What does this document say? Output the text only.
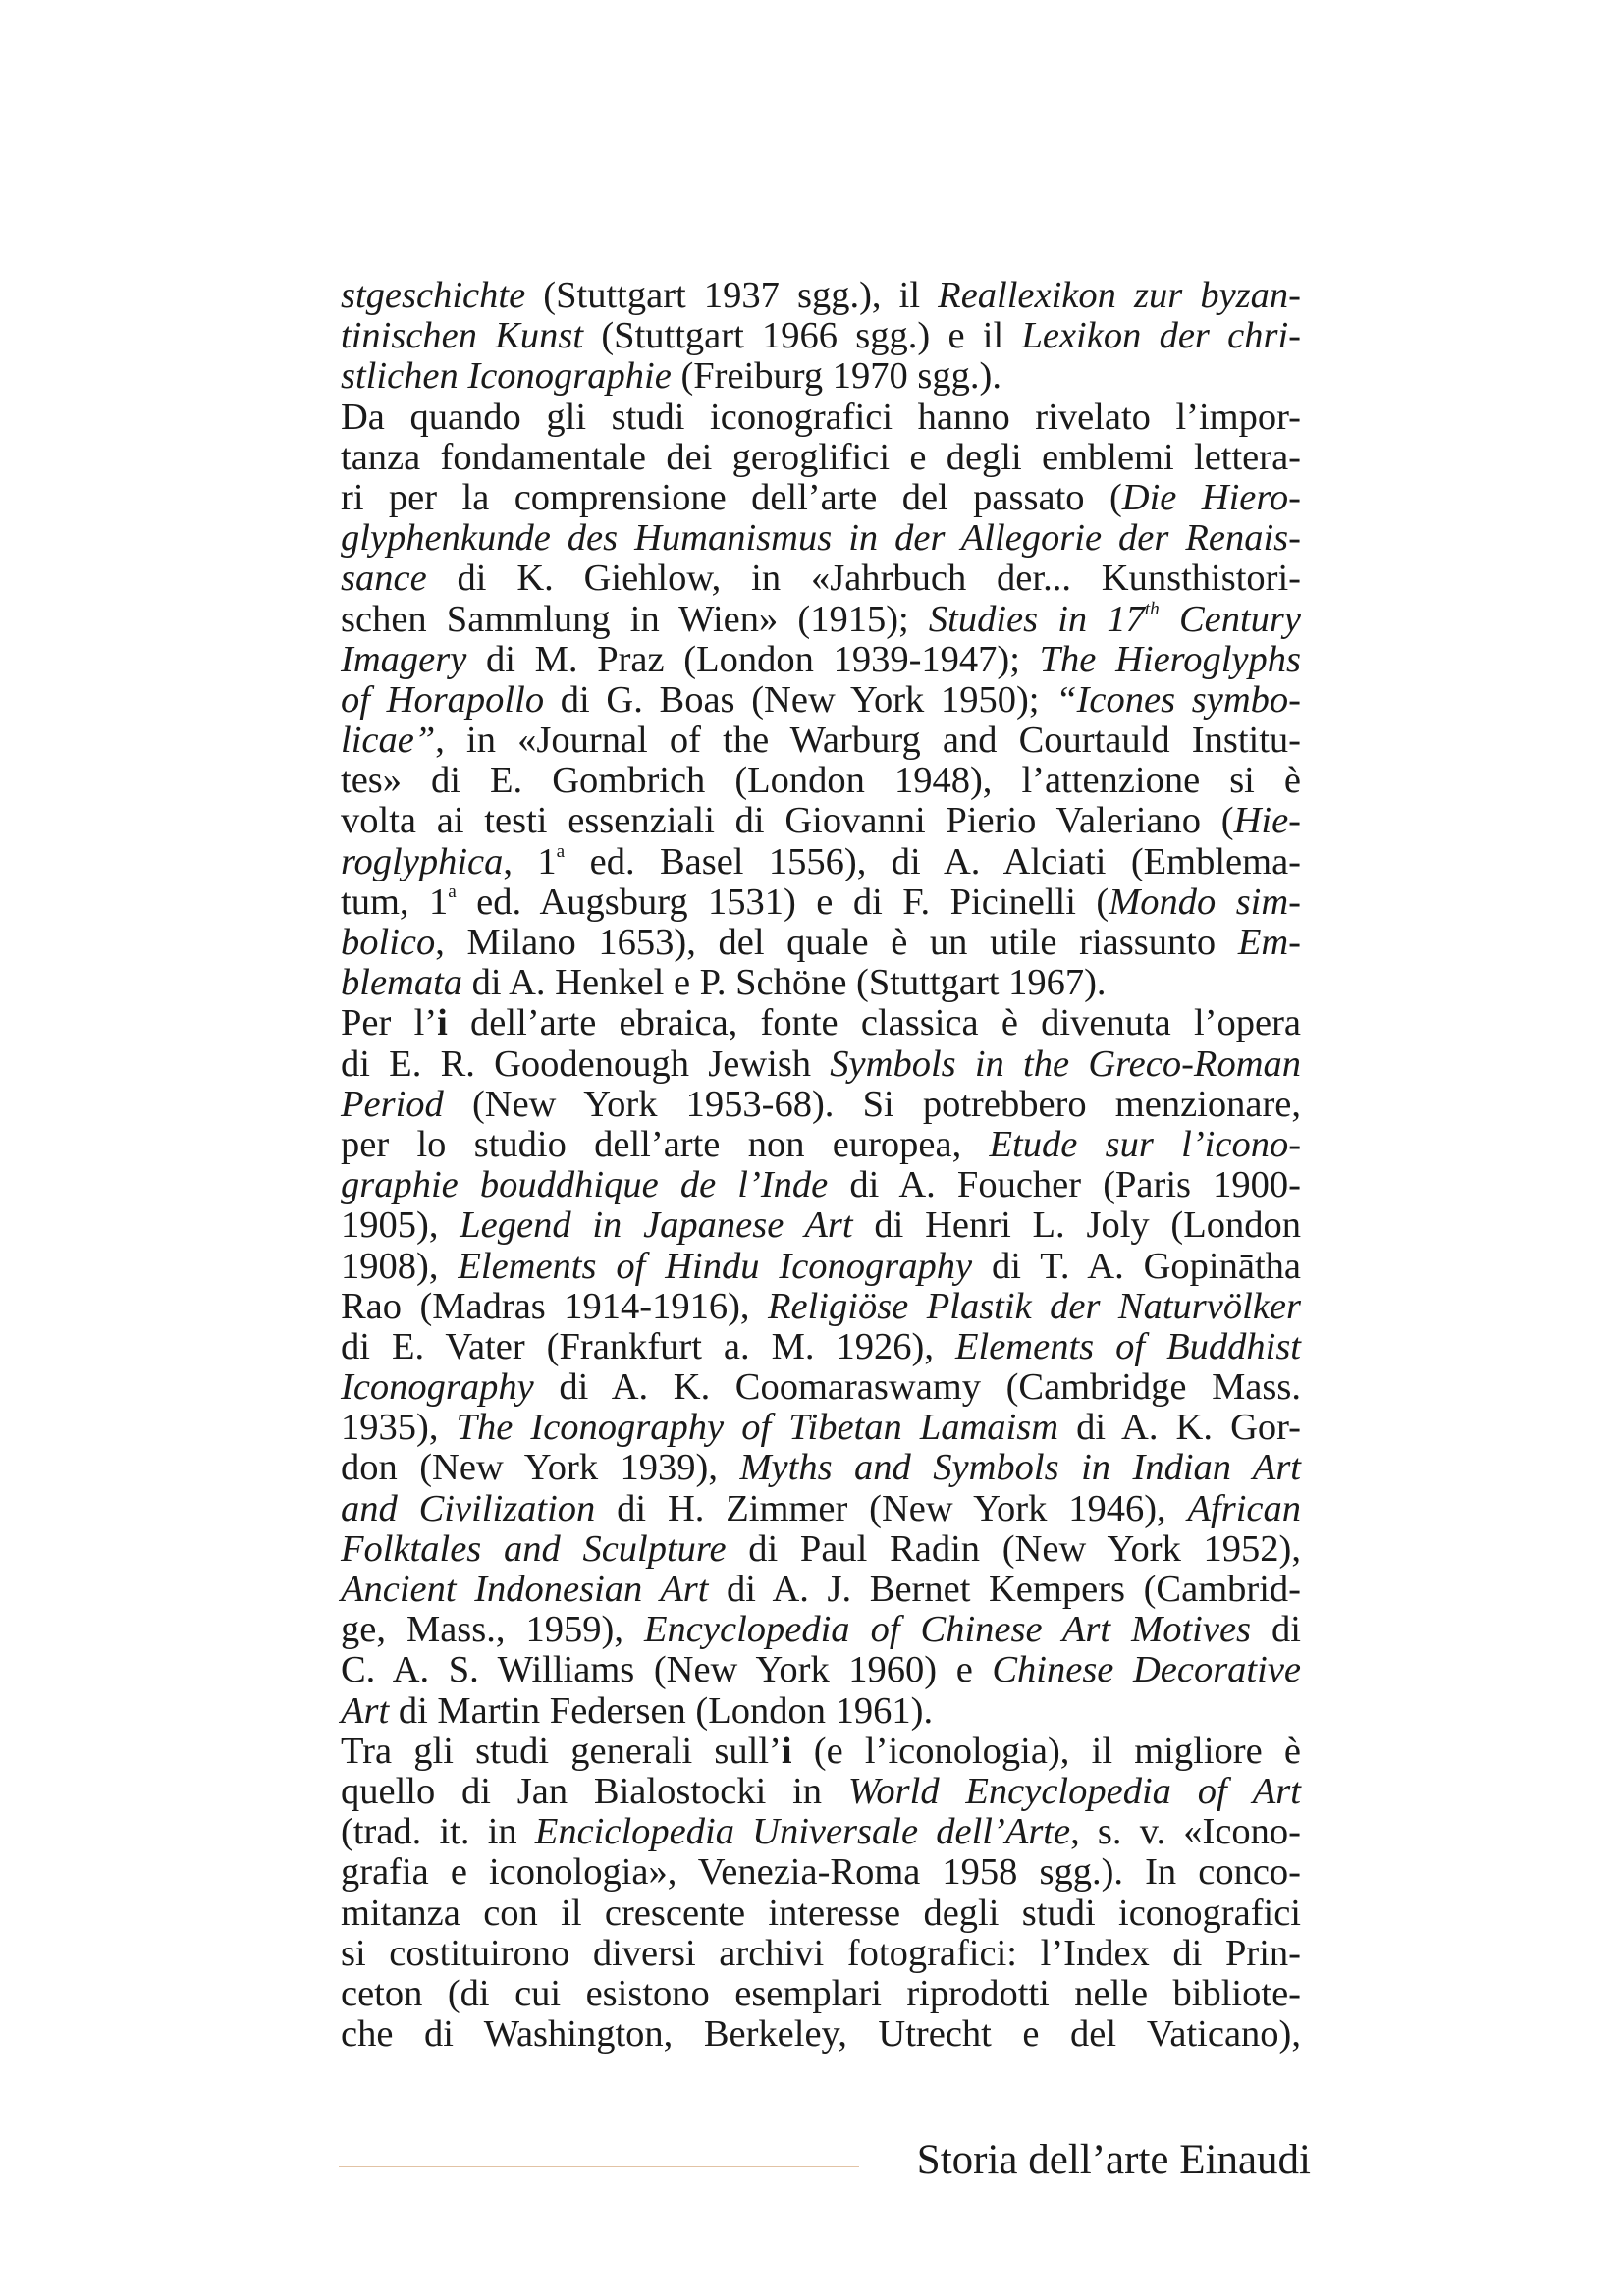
stgeschichte (Stuttgart 1937 sgg.), il Reallexikon zur byzan-
tinischen Kunst (Stuttgart 1966 sgg.) e il Lexikon der chri-
stlichen Iconographie (Freiburg 1970 sgg.).
Da quando gli studi iconografici hanno rivelato l’impor-
tanza fondamentale dei geroglifici e degli emblemi lettera-
ri per la comprensione dell’arte del passato (Die Hiero-
glyphenkunde des Humanismus in der Allegorie der Renais-
sance di K. Giehlow, in «Jahrbuch der... Kunsthistori-
schen Sammlung in Wien» (1915); Studies in 17th Century
Imagery di M. Praz (London 1939-1947); The Hieroglyphs
of Horapollo di G. Boas (New York 1950); “Icones symbo-
licae”, in «Journal of the Warburg and Courtauld Institu-
tes» di E. Gombrich (London 1948), l’attenzione si è
volta ai testi essenziali di Giovanni Pierio Valeriano (Hie-
roglyphica, 1$^a$ ed. Basel 1556), di A. Alciati (Emblema-
tum, 1$^a$ ed. Augsburg 1531) e di F. Picinelli (Mondo sim-
bolico, Milano 1653), del quale è un utile riassunto Em-
blemata di A. Henkel e P. Schöne (Stuttgart 1967).
Per l’i dell’arte ebraica, fonte classica è divenuta l’opera
di E. R. Goodenough Jewish Symbols in the Greco-Roman
Period (New York 1953-68). Si potrebbero menzionare,
per lo studio dell’arte non europea, Etude sur l’icono-
graphie bouddhique de l’Inde di A. Foucher (Paris 1900-
1905), Legend in Japanese Art di Henri L. Joly (London
1908), Elements of Hindu Iconography di T. A. Gopinātha
Rao (Madras 1914-1916), Religiöse Plastik der Naturvölker
di E. Vater (Frankfurt a. M. 1926), Elements of Buddhist
Iconography di A. K. Coomaraswamy (Cambridge Mass.
1935), The Iconography of Tibetan Lamaism di A. K. Gor-
don (New York 1939), Myths and Symbols in Indian Art
and Civilization di H. Zimmer (New York 1946), African
Folktales and Sculpture di Paul Radin (New York 1952),
Ancient Indonesian Art di A. J. Bernet Kempers (Cambrid-
ge, Mass., 1959), Encyclopedia of Chinese Art Motives di
C. A. S. Williams (New York 1960) e Chinese Decorative
Art di Martin Federsen (London 1961).
Tra gli studi generali sull’i (e l’iconologia), il migliore è
quello di Jan Bialostocki in World Encyclopedia of Art
(trad. it. in Enciclopedia Universale dell’Arte, s. v. «Icono-
grafia e iconologia», Venezia-Roma 1958 sgg.). In conco-
mitanza con il crescente interesse degli studi iconografici
si costituirono diversi archivi fotografici: l’Index di Prin-
ceton (di cui esistono esemplari riprodotti nelle bibliote-
che di Washington, Berkeley, Utrecht e del Vaticano),
Storia dell’arte Einaudi
